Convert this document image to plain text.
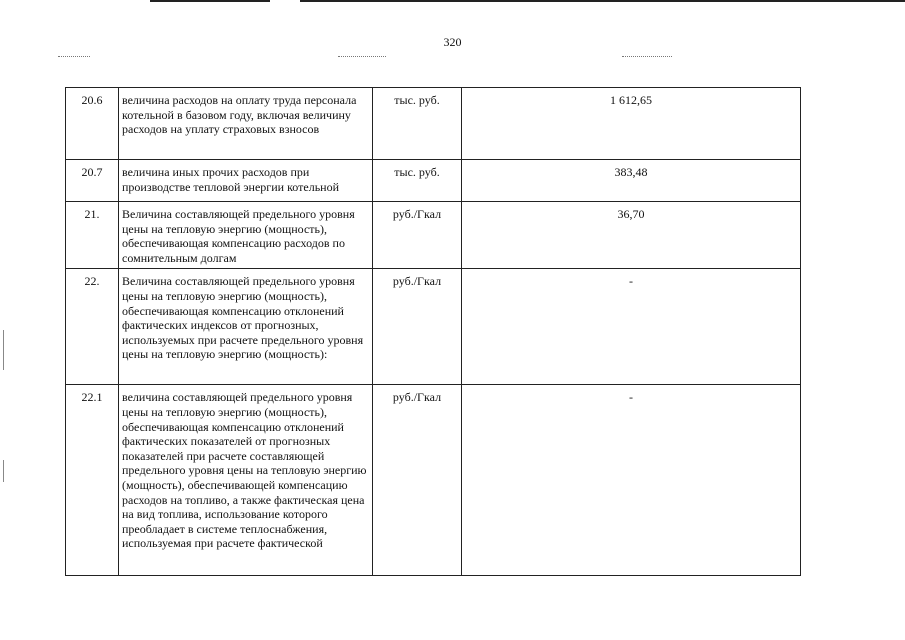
320
20.6	величина расходов на оплату труда персонала котельной в базовом году, включая величину расходов на уплату страховых взносов	тыс. руб.	1 612,65
20.7	величина иных прочих расходов при производстве тепловой энергии котельной	тыс. руб.	383,48
21.	Величина составляющей предельного уровня цены на тепловую энергию (мощность), обеспечивающая компенсацию расходов по сомнительным долгам	руб./Гкал	36,70
22.	Величина составляющей предельного уровня цены на тепловую энергию (мощность), обеспечивающая компенсацию отклонений фактических индексов от прогнозных, используемых при расчете предельного уровня цены на тепловую энергию (мощность):	руб./Гкал	-
22.1	величина составляющей предельного уровня цены на тепловую энергию (мощность), обеспечивающая компенсацию отклонений фактических показателей от прогнозных показателей при расчете составляющей предельного уровня цены на тепловую энергию (мощность), обеспечивающей компенсацию расходов на топливо, а также фактическая цена на вид топлива, использование которого преобладает в системе теплоснабжения, используемая при расчете фактической	руб./Гкал	-
